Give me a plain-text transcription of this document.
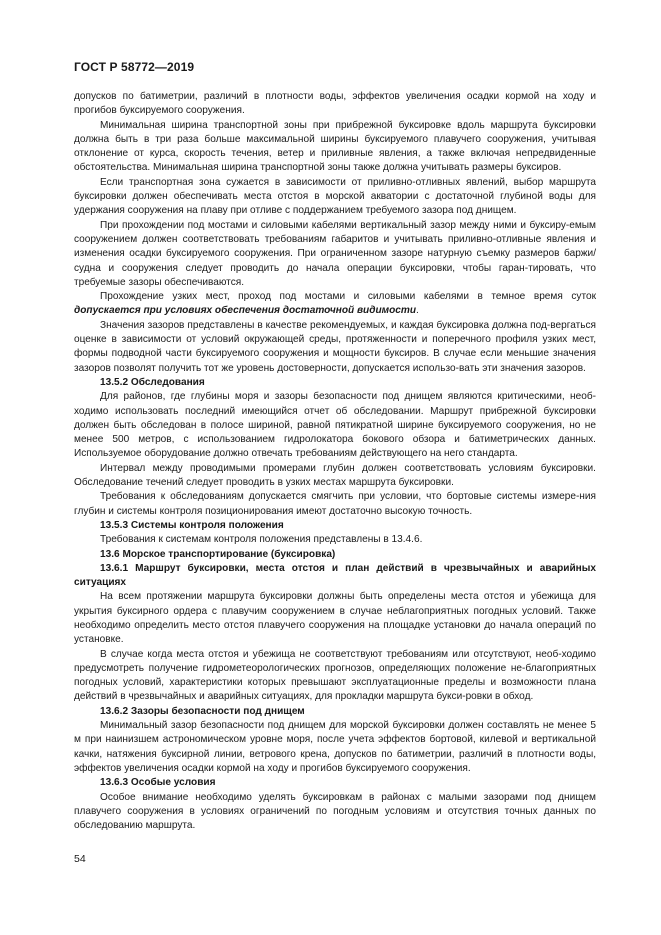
ГОСТ Р 58772—2019

допусков по батиметрии, различий в плотности воды, эффектов увеличения осадки кормой на ходу и прогибов буксируемого сооружения.

Минимальная ширина транспортной зоны при прибрежной буксировке вдоль маршрута буксировки должна быть в три раза больше максимальной ширины буксируемого плавучего сооружения, учитывая отклонение от курса, скорость течения, ветер и приливные явления, а также включая непредвиденные обстоятельства. Минимальная ширина транспортной зоны также должна учитывать размеры буксиров.

Если транспортная зона сужается в зависимости от приливно-отливных явлений, выбор маршрута буксировки должен обеспечивать места отстоя в морской акватории с достаточной глубиной воды для удержания сооружения на плаву при отливе с поддержанием требуемого зазора под днищем.

При прохождении под мостами и силовыми кабелями вертикальный зазор между ними и буксиру-емым сооружением должен соответствовать требованиям габаритов и учитывать приливно-отливные явления и изменения осадки буксируемого сооружения. При ограниченном зазоре натурную съемку размеров баржи/судна и сооружения следует проводить до начала операции буксировки, чтобы гаран-тировать, что требуемые зазоры обеспечиваются.

Прохождение узких мест, проход под мостами и силовыми кабелями в темное время суток допускается при условиях обеспечения достаточной видимости.

Значения зазоров представлены в качестве рекомендуемых, и каждая буксировка должна под-вергаться оценке в зависимости от условий окружающей среды, протяженности и поперечного профиля узких мест, формы подводной части буксируемого сооружения и мощности буксиров. В случае если меньшие значения зазоров позволят получить тот же уровень достоверности, допускается использо-вать эти значения зазоров.

13.5.2 Обследования

Для районов, где глубины моря и зазоры безопасности под днищем являются критическими, необ-ходимо использовать последний имеющийся отчет об обследовании. Маршрут прибрежной буксировки должен быть обследован в полосе шириной, равной пятикратной ширине буксируемого сооружения, но не менее 500 метров, с использованием гидролокатора бокового обзора и батиметрических данных. Используемое оборудование должно отвечать требованиям действующего на него стандарта.

Интервал между проводимыми промерами глубин должен соответствовать условиям буксировки. Обследование течений следует проводить в узких местах маршрута буксировки.

Требования к обследованиям допускается смягчить при условии, что бортовые системы измере-ния глубин и системы контроля позиционирования имеют достаточно высокую точность.

13.5.3 Системы контроля положения

Требования к системам контроля положения представлены в 13.4.6.

13.6 Морское транспортирование (буксировка)

13.6.1 Маршрут буксировки, места отстоя и план действий в чрезвычайных и аварийных ситуациях

На всем протяжении маршрута буксировки должны быть определены места отстоя и убежища для укрытия буксирного ордера с плавучим сооружением в случае неблагоприятных погодных условий. Также необходимо определить место отстоя плавучего сооружения на площадке установки до начала операций по установке.

В случае когда места отстоя и убежища не соответствуют требованиям или отсутствуют, необ-ходимо предусмотреть получение гидрометеорологических прогнозов, определяющих положение не-благоприятных погодных условий, характеристики которых превышают эксплуатационные пределы и возможности плана действий в чрезвычайных и аварийных ситуациях, для прокладки маршрута букси-ровки в обход.

13.6.2 Зазоры безопасности под днищем

Минимальный зазор безопасности под днищем для морской буксировки должен составлять не менее 5 м при наинизшем астрономическом уровне моря, после учета эффектов бортовой, килевой и вертикальной качки, натяжения буксирной линии, ветрового крена, допусков по батиметрии, различий в плотности воды, эффектов увеличения осадки кормой на ходу и прогибов буксируемого сооружения.

13.6.3 Особые условия

Особое внимание необходимо уделять буксировкам в районах с малыми зазорами под днищем плавучего сооружения в условиях ограничений по погодным условиям и отсутствия точных данных по обследованию маршрута.

54
